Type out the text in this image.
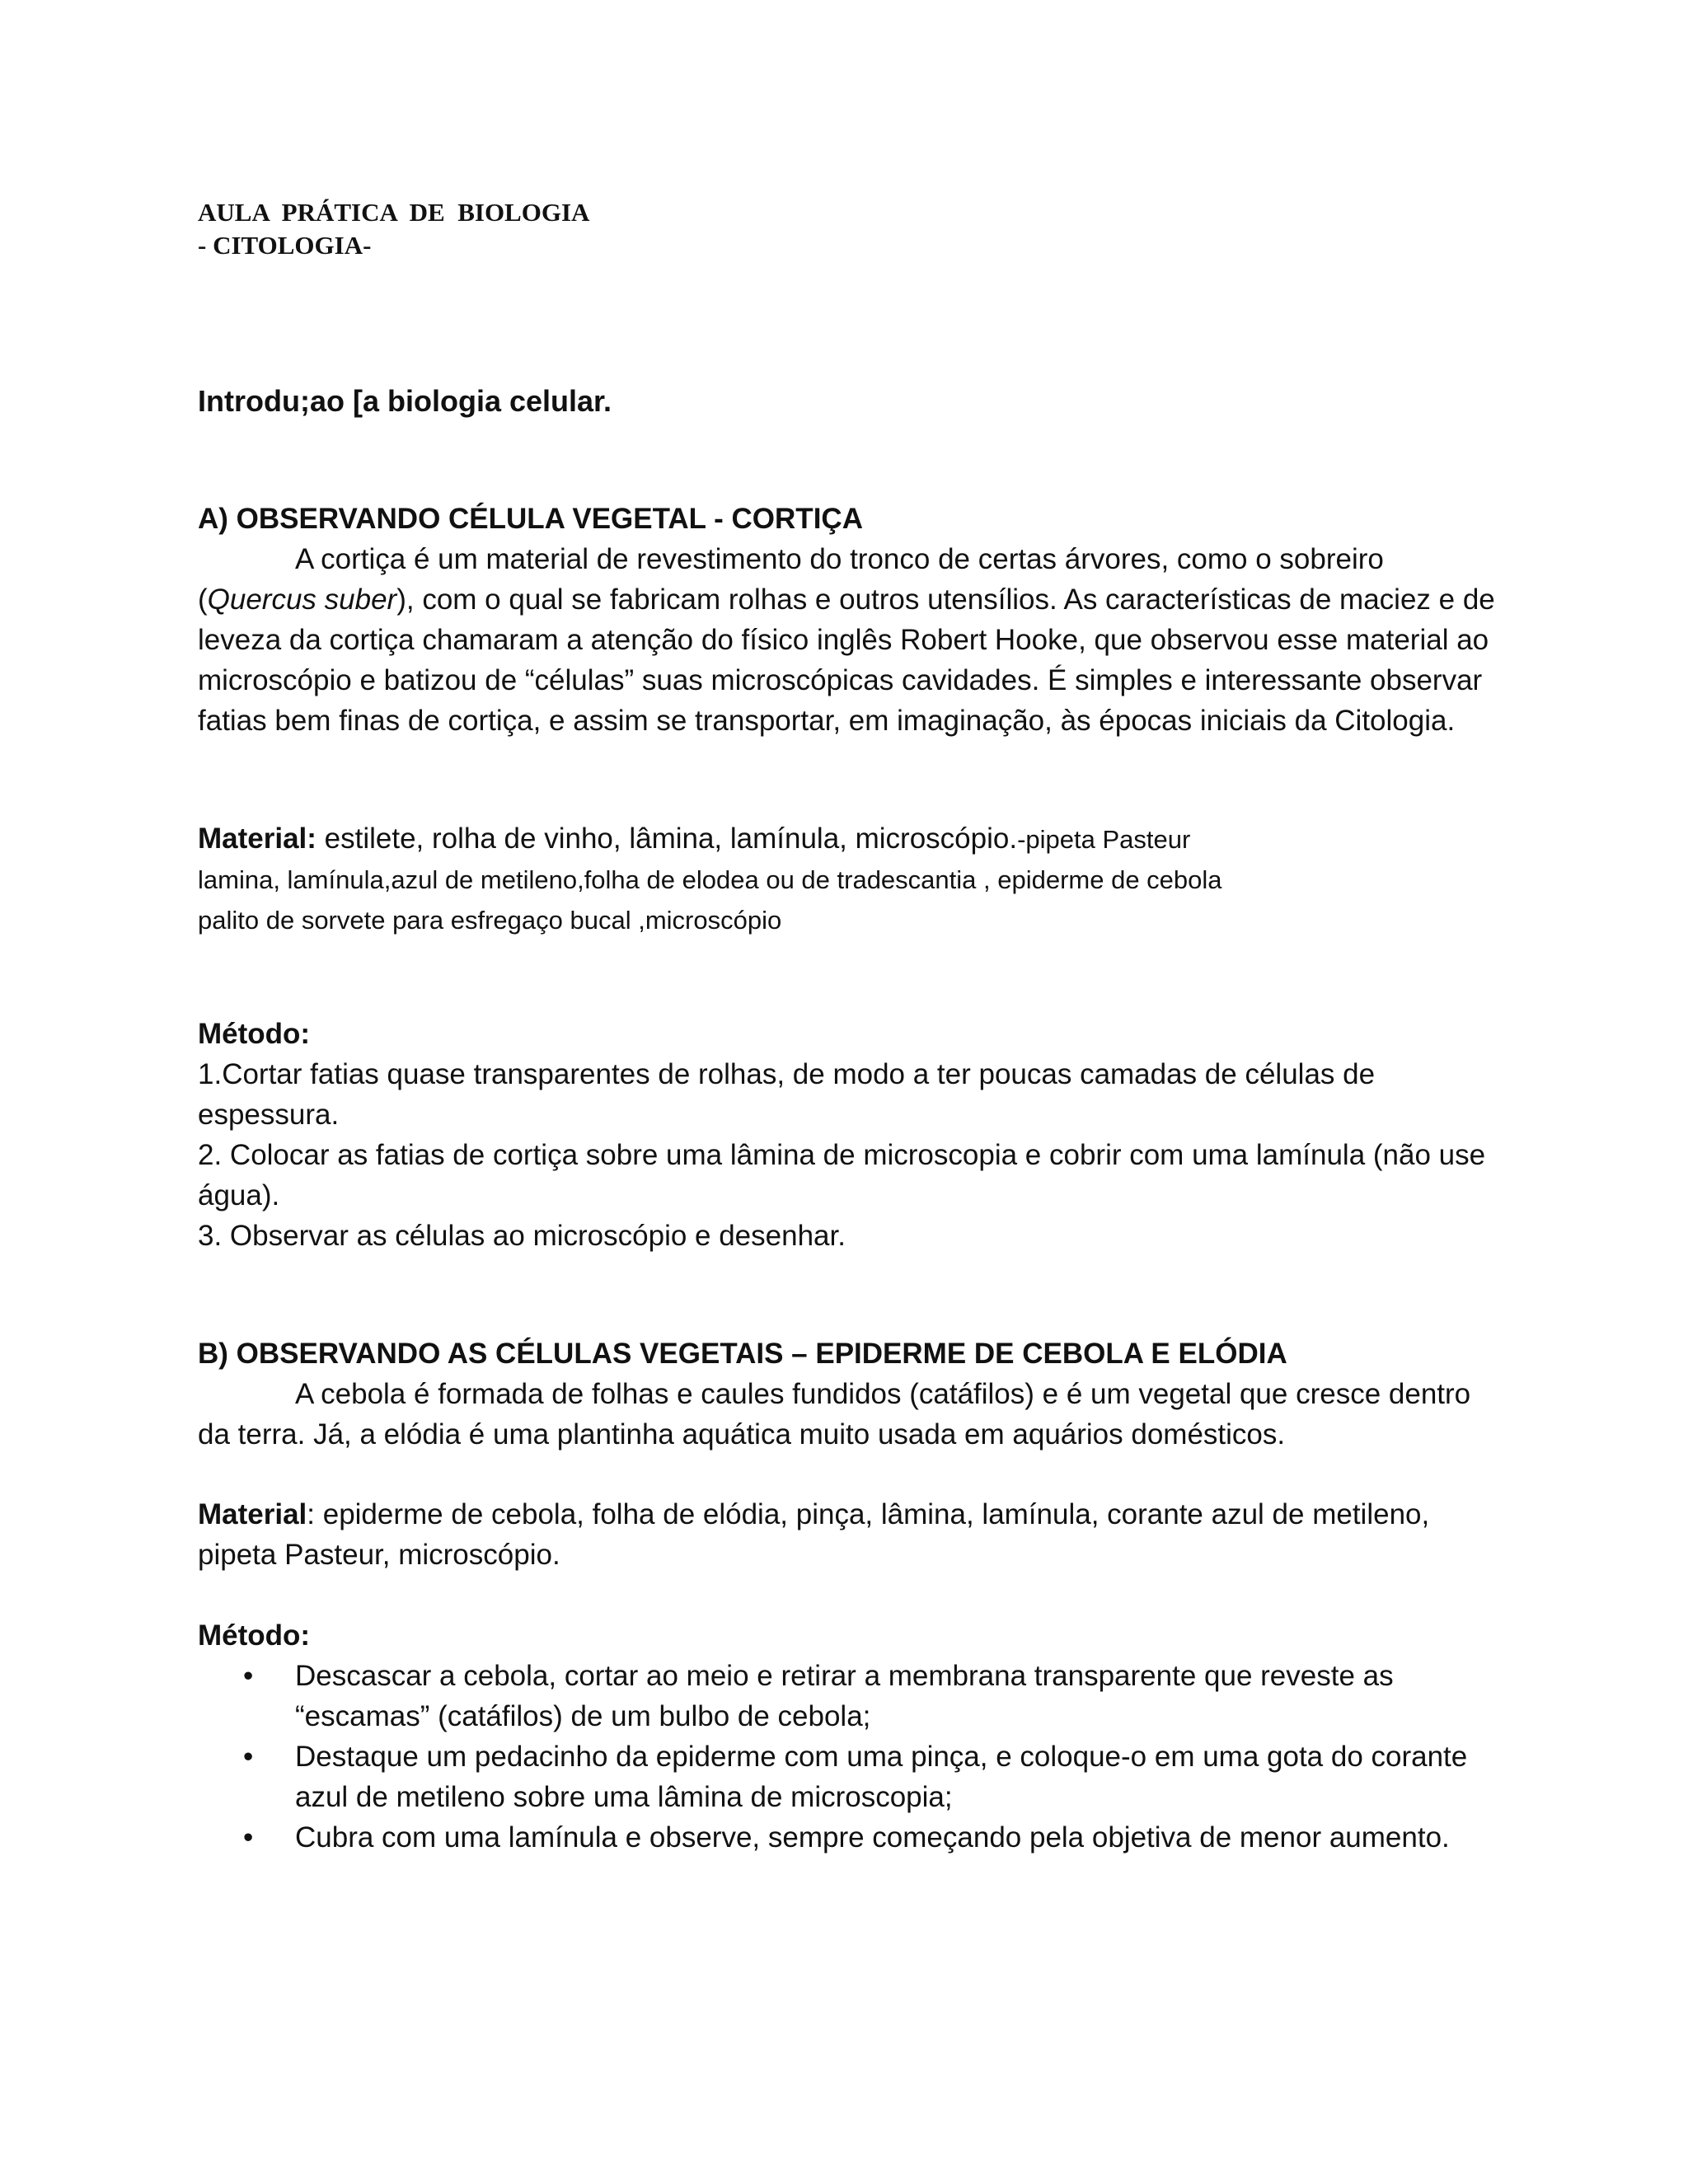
AULA  PRÁTICA  DE  BIOLOGIA

- CITOLOGIA-

Introdu;ao [a biologia celular.

A) OBSERVANDO CÉLULA VEGETAL - CORTIÇA

A cortiça é um material de revestimento do tronco de certas árvores, como o sobreiro (Quercus suber), com o qual se fabricam rolhas e outros utensílios. As características de maciez e de leveza da cortiça chamaram a atenção do físico inglês Robert Hooke, que observou esse material ao microscópio e batizou de “células” suas microscópicas cavidades. É simples e interessante observar fatias bem finas de cortiça, e assim se transportar, em imaginação, às épocas iniciais da Citologia.

Material: estilete, rolha de vinho, lâmina, lamínula, microscópio.-pipeta Pasteur

lamina, lamínula,azul de metileno,folha de elodea ou de tradescantia , epiderme de cebola

palito de sorvete para esfregaço bucal ,microscópio

Método:

1.Cortar fatias quase transparentes de rolhas, de modo a ter poucas camadas de células de espessura.

2. Colocar as fatias de cortiça sobre uma lâmina de microscopia e cobrir com uma lamínula (não use água).

3. Observar as células ao microscópio e desenhar.

B) OBSERVANDO AS CÉLULAS VEGETAIS – EPIDERME DE CEBOLA E ELÓDIA

A cebola é formada de folhas e caules fundidos (catáfilos) e é um vegetal que cresce dentro da terra. Já, a elódia é uma plantinha aquática muito usada em aquários domésticos.

Material: epiderme de cebola, folha de elódia, pinça, lâmina, lamínula, corante azul de metileno, pipeta Pasteur, microscópio.

Método:

• Descascar a cebola, cortar ao meio e retirar a membrana transparente que reveste as “escamas” (catáfilos) de um bulbo de cebola;
• Destaque um pedacinho da epiderme com uma pinça, e coloque-o em uma gota do corante azul de metileno sobre uma lâmina de microscopia;
• Cubra com uma lamínula e observe, sempre começando pela objetiva de menor aumento.
